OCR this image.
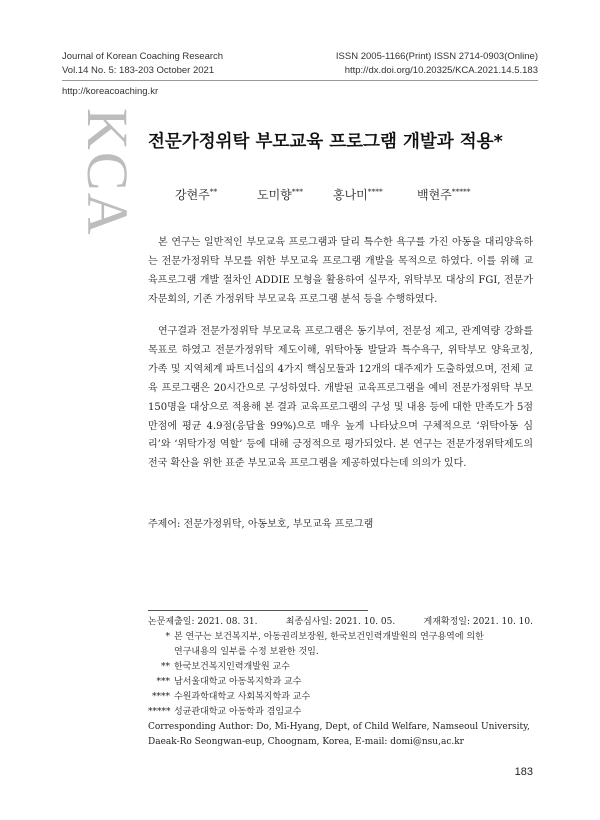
Journal of Korean Coaching Research
Vol.14 No. 5: 183-203 October 2021
ISSN 2005-1166(Print) ISSN 2714-0903(Online)
http://dx.doi.org/10.20325/KCA.2021.14.5.183
http://koreacoaching.kr
KCA 전문가정위탁 부모교육 프로그램 개발과 적용*
강현주**	도미향*** 홍나미****	백현주*****
본 연구는 일반적인 부모교육 프로그램과 달리 특수한 욕구를 가진 아동을 대리양육하는 전문가정위탁 부모를 위한 부모교육 프로그램 개발을 목적으로 하였다. 이를 위해 교육프로그램 개발 절차인 ADDIE 모형을 활용하여 실무자, 위탁부모 대상의 FGI, 전문가 자문회의, 기존 가정위탁 부모교육 프로그램 분석 등을 수행하였다.
연구결과 전문가정위탁 부모교육 프로그램은 동기부여, 전문성 제고, 관계역량 강화를 목표로 하였고 전문가정위탁 제도이해, 위탁아동 발달과 특수욕구, 위탁부모 양육코칭, 가족 및 지역체계 파트너십의 4가지 핵심모듈과 12개의 대주제가 도출하였으며, 전체 교육 프로그램은 20시간으로 구성하였다. 개발된 교육프로그램을 예비 전문가정위탁 부모 150명을 대상으로 적용해 본 결과 교육프로그램의 구성 및 내용 등에 대한 만족도가 5점 만점에 평균 4.9점(응답율 99%)으로 매우 높게 나타났으며 구체적으로 ‘위탁아동 심리’와 ‘위탁가정 역할’ 등에 대해 긍정적으로 평가되었다. 본 연구는 전문가정위탁제도의 전국 확산을 위한 표준 부모교육 프로그램을 제공하였다는데 의의가 있다.
주제어: 전문가정위탁, 아동보호, 부모교육 프로그램
논문제출일: 2021. 08. 31.	최종심사일: 2021. 10. 05.	게재확정일: 2021. 10. 10.
* 본 연구는 보건복지부, 아동권리보장원, 한국보건인력개발원의 연구용역에 의한
연구내용의 일부를 수정 보완한 것임.
** 한국보건복지인력개발원 교수
*** 남서울대학교 아동복지학과 교수
**** 수원과학대학교 사회복지학과 교수
***** 성균관대학교 아동학과 겸임교수
Corresponding Author: Do, Mi-Hyang, Dept, of Child Welfare, Namseoul University,
Daeak-Ro Seongwan-eup, Choognam, Korea, E-mail: domi@nsu,ac.kr
183
